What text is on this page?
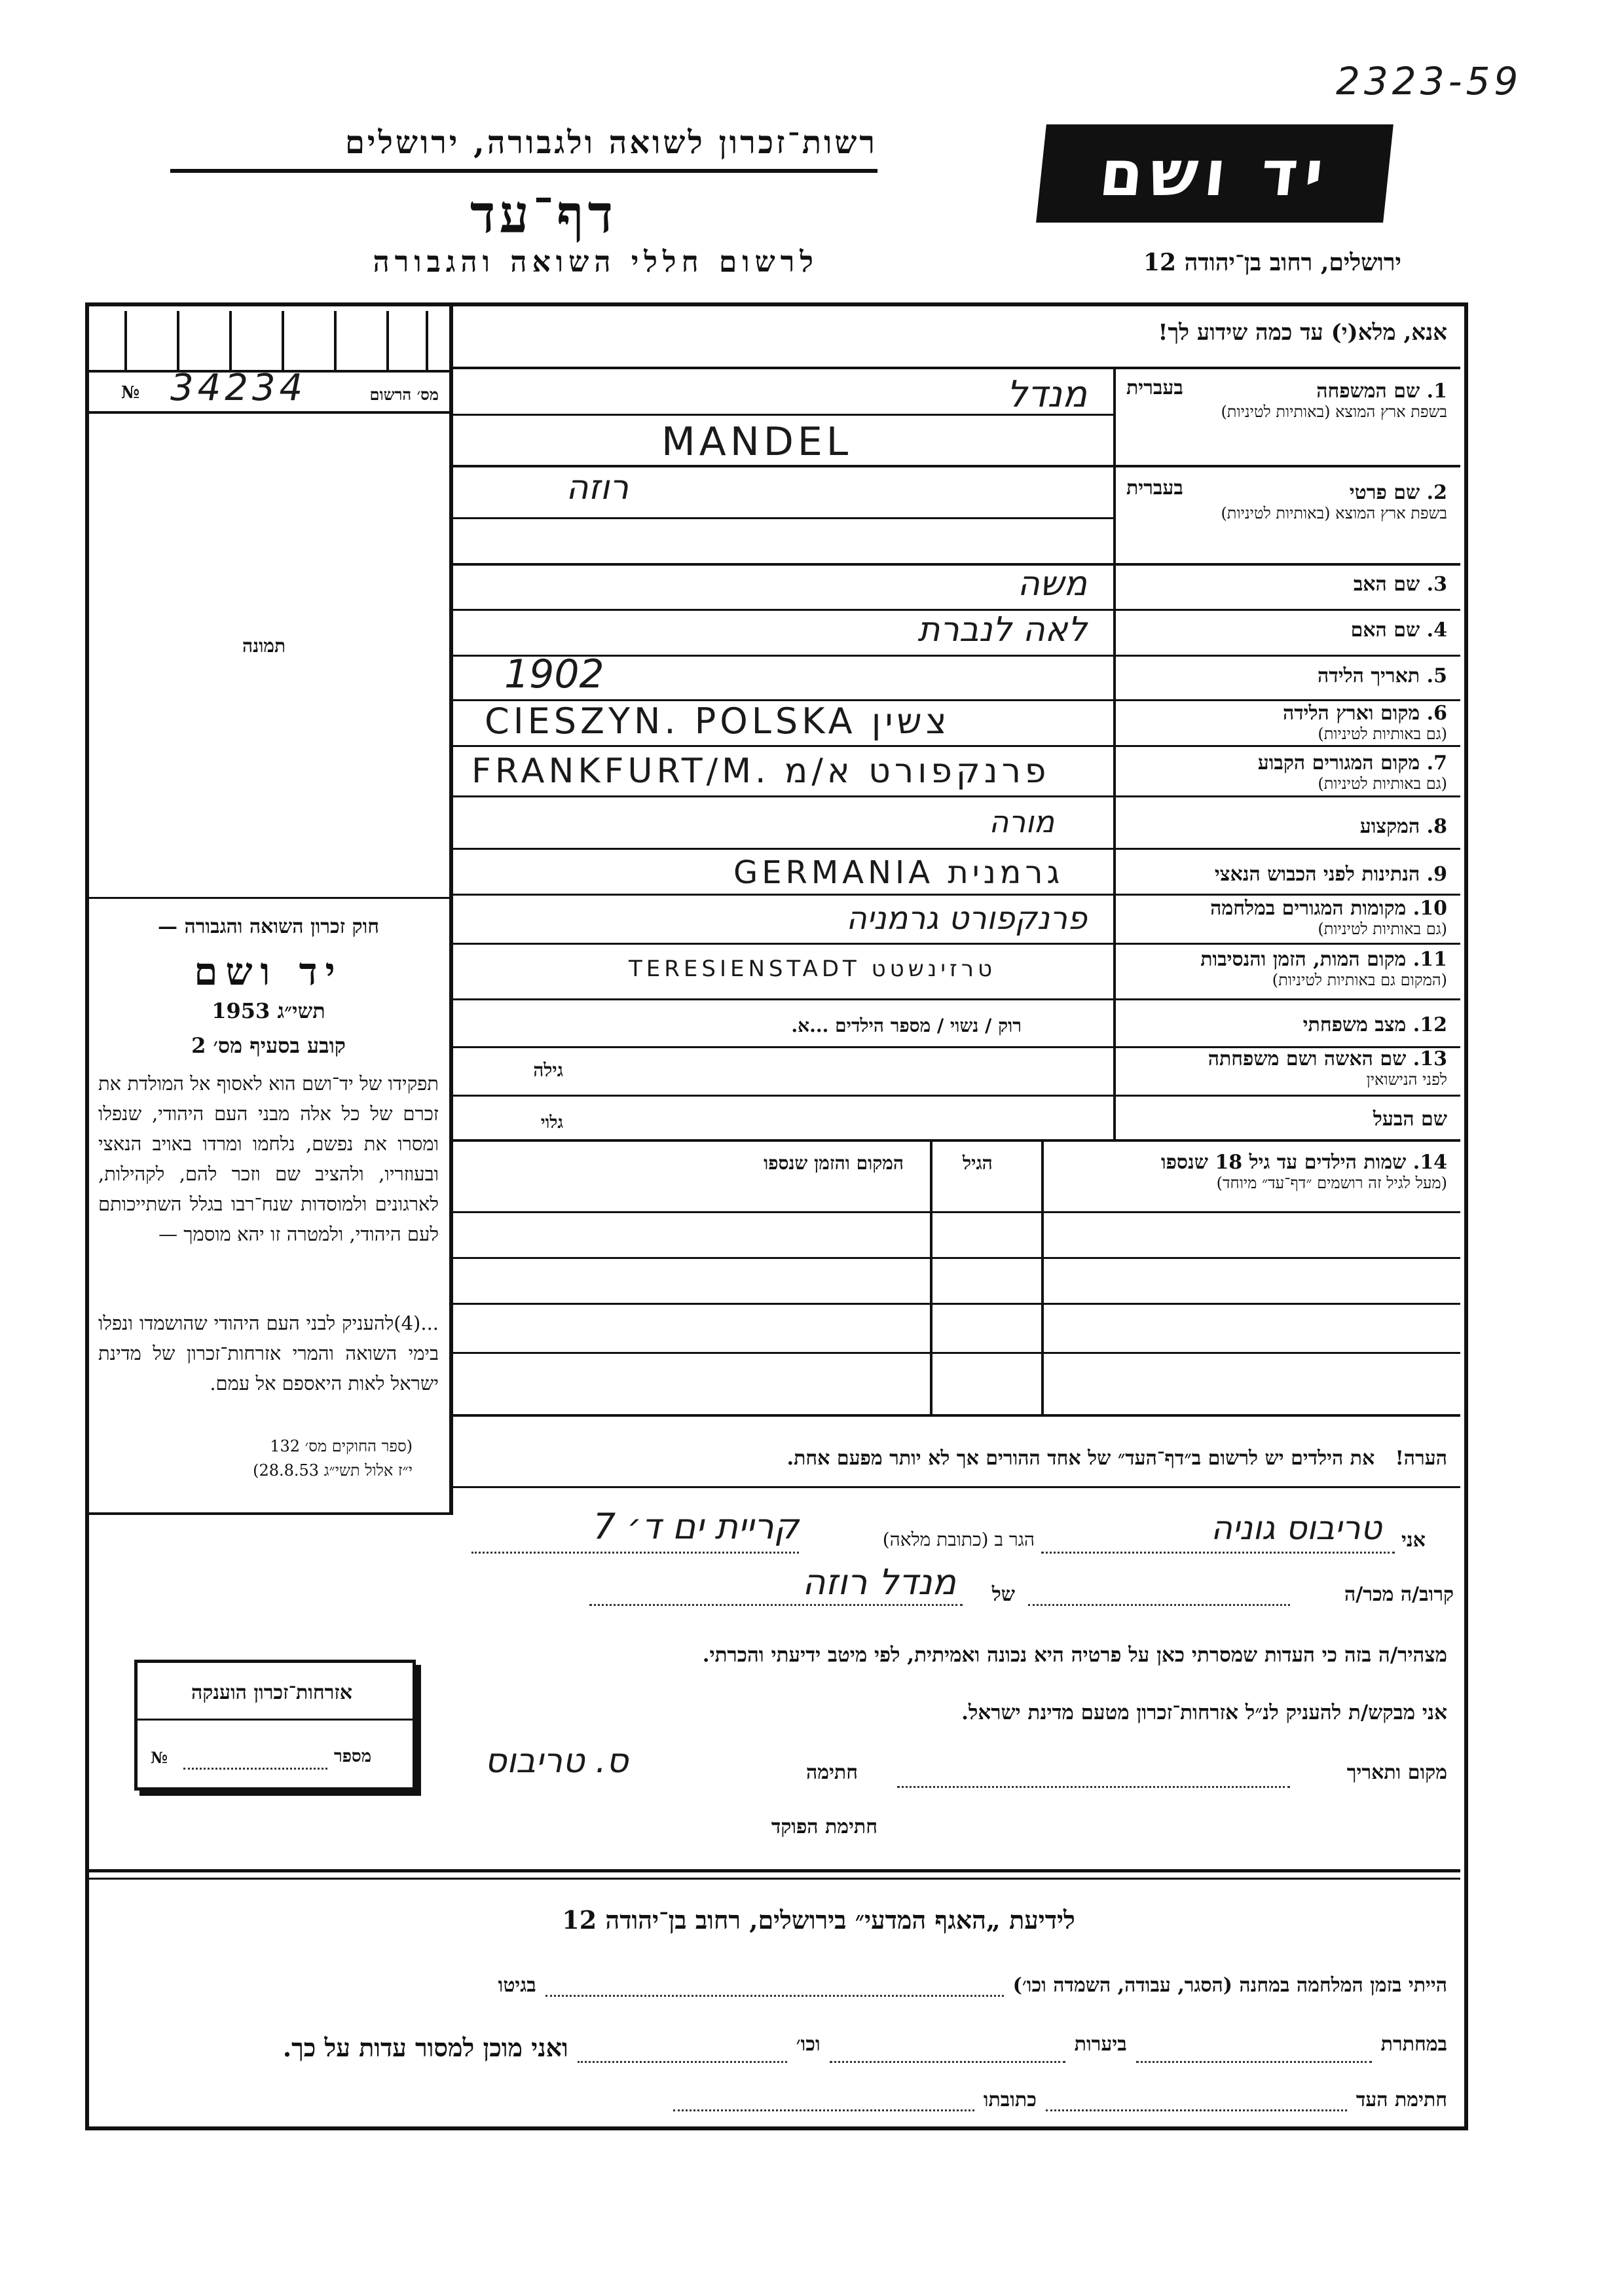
2323-59
רשות־זכרון לשואה ולגבורה, ירושלים
דף־עד
לרשום חללי השואה והגבורה
יד ושם
ירושלים, רחוב בן־יהודה 12
№ 34234	מס׳ הרשום
תמונה
אנא, מלא(י) עד כמה שידוע לך!
1. שם המשפחה
בשפת ארץ המוצא (באותיות לטיניות)
בעברית
מנדל
MANDEL
2. שם פרטי
בשפת ארץ המוצא (באותיות לטיניות)
בעברית
רוזה
3. שם האב
משה
4. שם האם
לאה לנברת
5. תאריך הלידה
1902
6. מקום וארץ הלידה
(גם באותיות לטיניות)
CIESZYN. POLSKA צשין
7. מקום המגורים הקבוע
(גם באותיות לטיניות)
FRANKFURT/M. פרנקפורט א/מ
8. המקצוע
מורה
9. הנתינות לפני הכבוש הנאצי
GERMANIA גרמנית
10. מקומות המגורים במלחמה
(גם באותיות לטיניות)
פרנקפורט גרמניה
11. מקום המות, הזמן והנסיבות
(המקום גם באותיות לטיניות)
TERESIENSTADT טרזינשטט
12. מצב משפחתי
רוק / נשוי / מספר הילדים ...א.
13. שם האשה ושם משפחתה
לפני הנישואין
גילה
שם הבעל
גלוי
14. שמות הילדים עד גיל 18 שנספו
(מעל לגיל זה רושמים ״דף־עד״ מיוחד)
הגיל
המקום והזמן שנספו
חוק זכרון השואה והגבורה —
יד ושם
תשי״ג 1953
קובע בסעיף מס׳ 2
תפקידו של יד־ושם הוא לאסוף אל המולדת את זכרם של כל אלה מבני העם היהודי, שנפלו ומסרו את נפשם, נלחמו ומרדו באויב הנאצי ובעוזריו, ולהציב שם וזכר להם, לקהילות, לארגונים ולמוסדות שנח־רבו בגלל השתייכותם לעם היהודי, ולמטרה זו יהא מוסמך —
...(4)להעניק לבני העם היהודי שהושמדו ונפלו בימי השואה והמרי אזרחות־זכרון של מדינת ישראל לאות היאספם אל עמם.
(ספר החוקים מס׳ 132
י״ז אלול תשי״ג 28.8.53)
הערה!   את הילדים יש לרשום ב״דף־העד״ של אחד ההורים אך לא יותר מפעם אחת.
אני
טריבוס גוניה
הגר ב (כתובת מלאה)
קריית ים ד׳ 7
קרוב/ה מכר/ה
של
מנדל רוזה
מצהיר/ה בזה כי העדות שמסרתי כאן על פרטיה היא נכונה ואמיתית, לפי מיטב ידיעתי והכרתי.
אני מבקש/ת להעניק לנ״ל אזרחות־זכרון מטעם מדינת ישראל.
מקום ותאריך
חתימה
ס. טריבוס
חתימת הפוקד
אזרחות־זכרון הוענקה
№	מספר
לידיעת „האגף המדעי״ בירושלים, רחוב בן־יהודה 12
הייתי בזמן המלחמה במחנה (הסגר, עבודה, השמדה וכו׳)
בגיטו
במחתרת
ביערות
וכו׳
ואני מוכן למסור עדות על כך.
חתימת העד
כתובתו
